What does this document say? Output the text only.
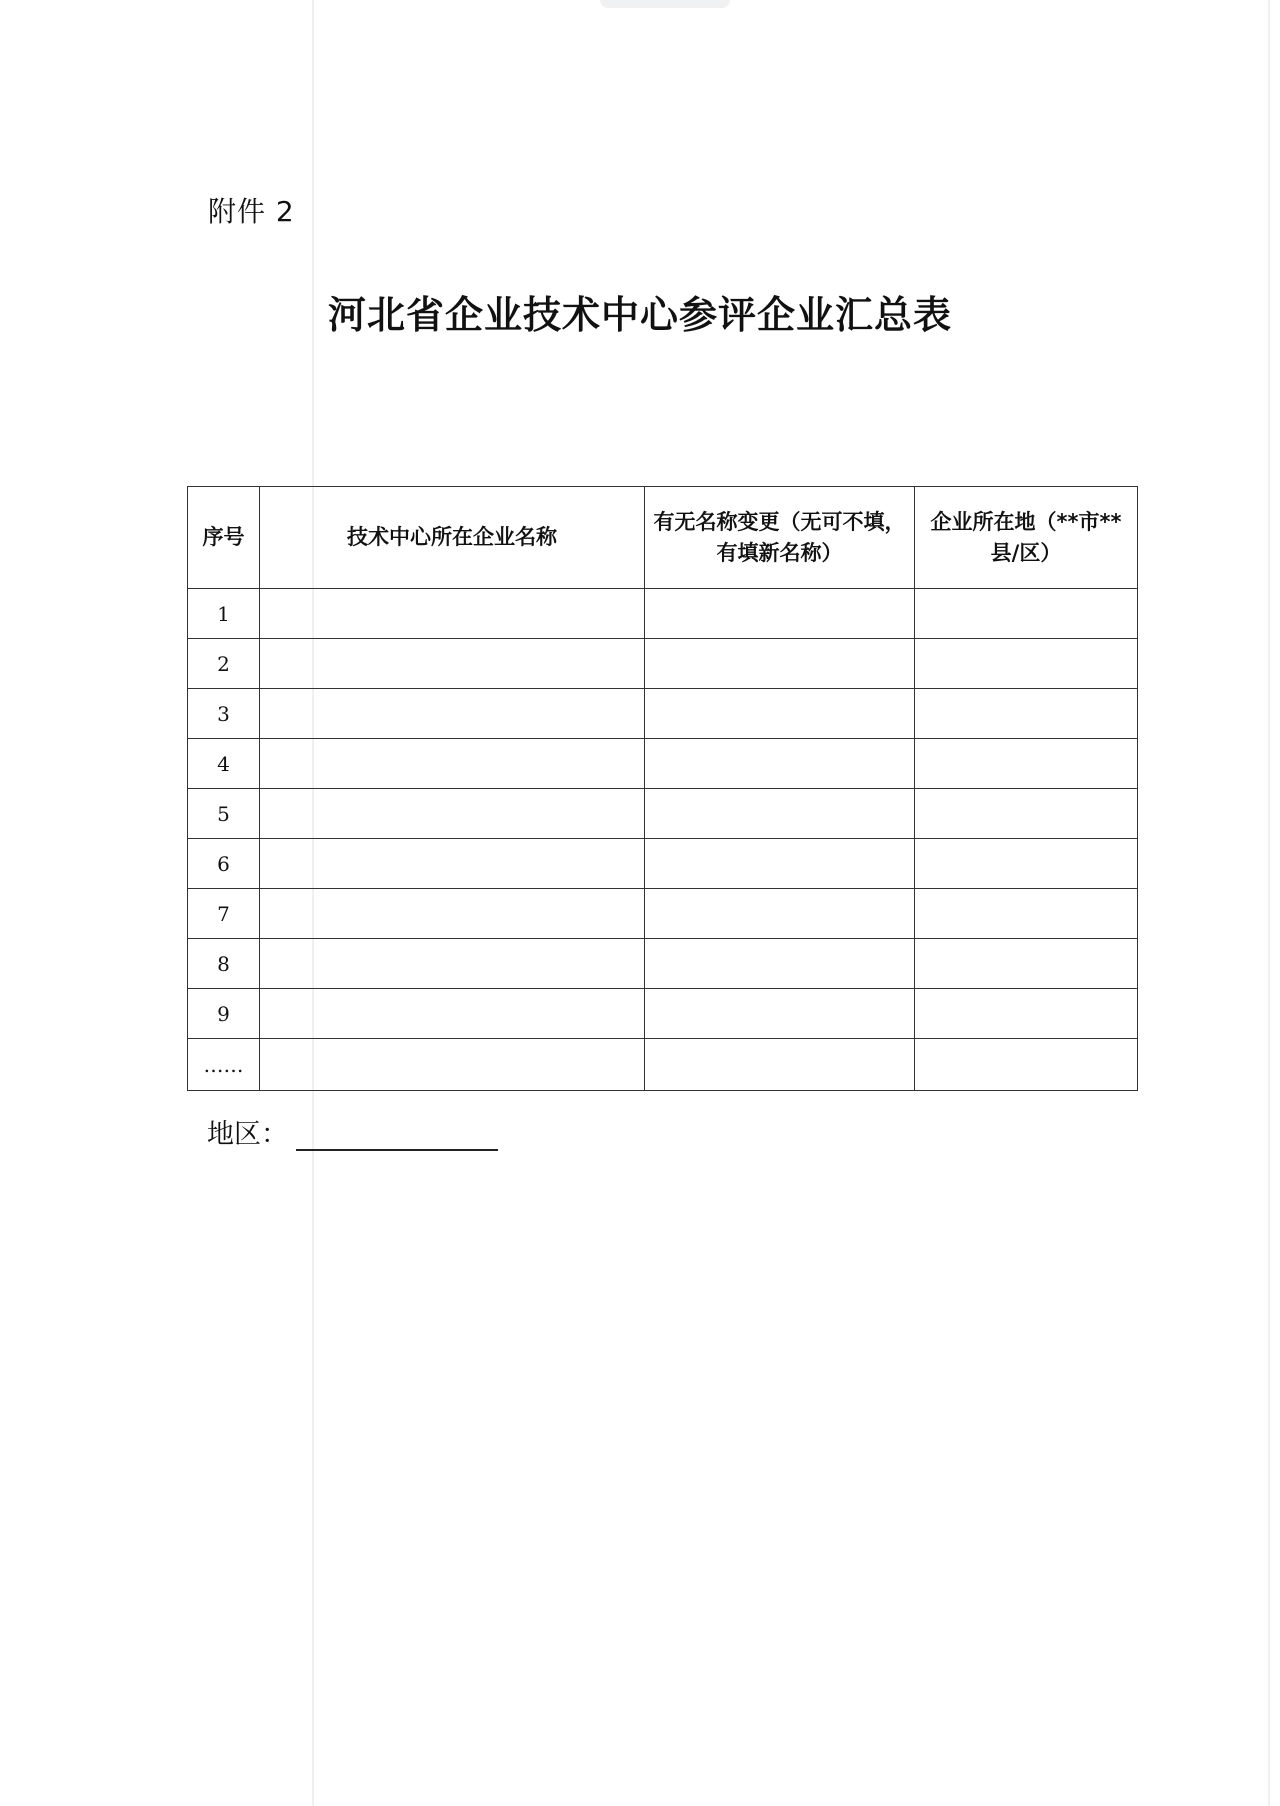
附件 2
河北省企业技术中心参评企业汇总表
序号	技术中心所在企业名称	有无名称变更（无可不填，有填新名称）	企业所在地（**市**县/区）
1			
2			
3			
4			
5			
6			
7			
8			
9			
……			
地区：
